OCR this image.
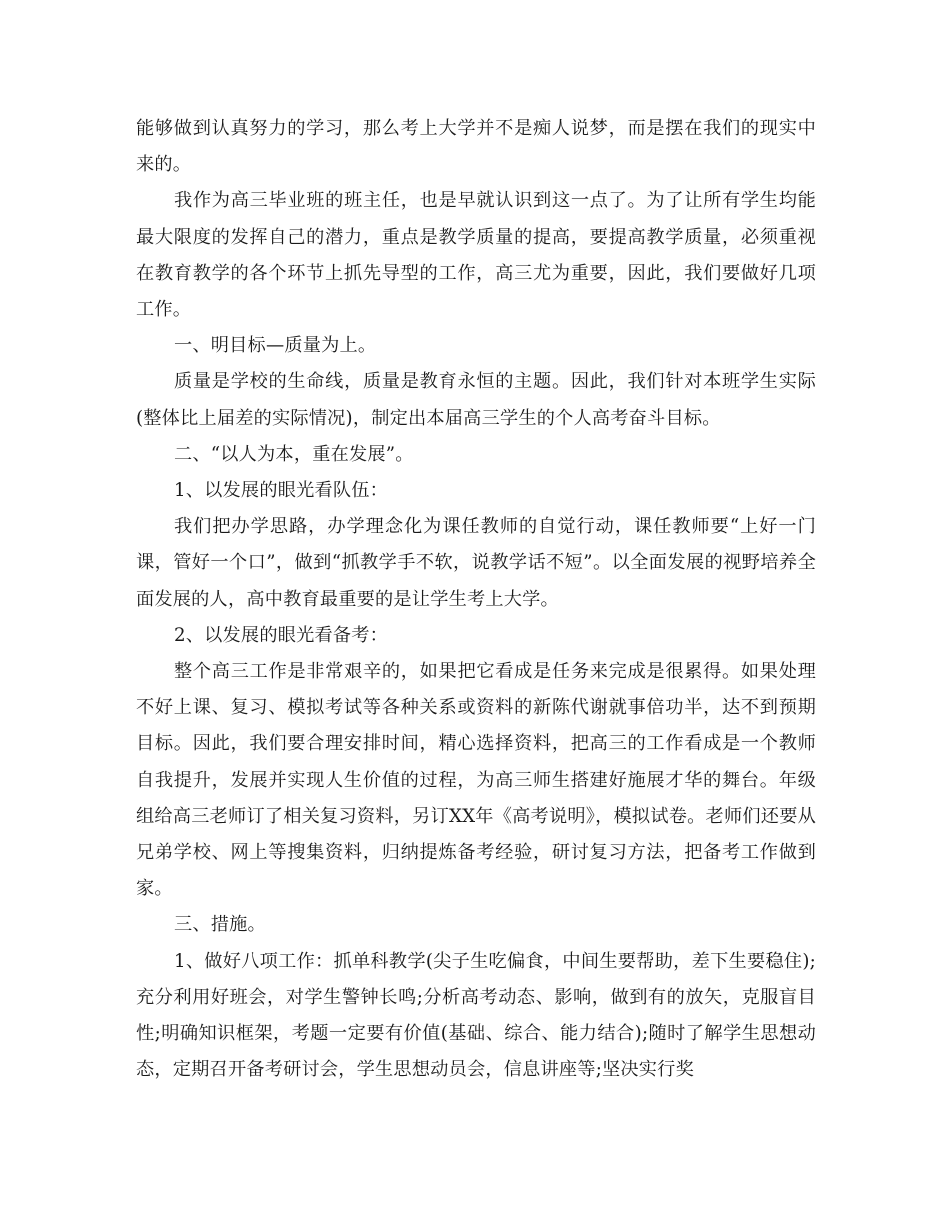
能够做到认真努力的学习，那么考上大学并不是痴人说梦，而是摆在我们的现实中来的。

我作为高三毕业班的班主任，也是早就认识到这一点了。为了让所有学生均能最大限度的发挥自己的潜力，重点是教学质量的提高，要提高教学质量，必须重视在教育教学的各个环节上抓先导型的工作，高三尤为重要，因此，我们要做好几项工作。

一、明目标—质量为上。

质量是学校的生命线，质量是教育永恒的主题。因此，我们针对本班学生实际(整体比上届差的实际情况)，制定出本届高三学生的个人高考奋斗目标。

二、“以人为本，重在发展”。

1、以发展的眼光看队伍：

我们把办学思路，办学理念化为课任教师的自觉行动，课任教师要“上好一门课，管好一个口”，做到“抓教学手不软，说教学话不短”。以全面发展的视野培养全面发展的人，高中教育最重要的是让学生考上大学。

2、以发展的眼光看备考：

整个高三工作是非常艰辛的，如果把它看成是任务来完成是很累得。如果处理不好上课、复习、模拟考试等各种关系或资料的新陈代谢就事倍功半，达不到预期目标。因此，我们要合理安排时间，精心选择资料，把高三的工作看成是一个教师自我提升，发展并实现人生价值的过程，为高三师生搭建好施展才华的舞台。年级组给高三老师订了相关复习资料，另订XX年《高考说明》，模拟试卷。老师们还要从兄弟学校、网上等搜集资料，归纳提炼备考经验，研讨复习方法，把备考工作做到家。

三、措施。

1、做好八项工作：抓单科教学(尖子生吃偏食，中间生要帮助，差下生要稳住);充分利用好班会，对学生警钟长鸣;分析高考动态、影响，做到有的放矢，克服盲目性;明确知识框架，考题一定要有价值(基础、综合、能力结合);随时了解学生思想动态，定期召开备考研讨会，学生思想动员会，信息讲座等;坚决实行奖
